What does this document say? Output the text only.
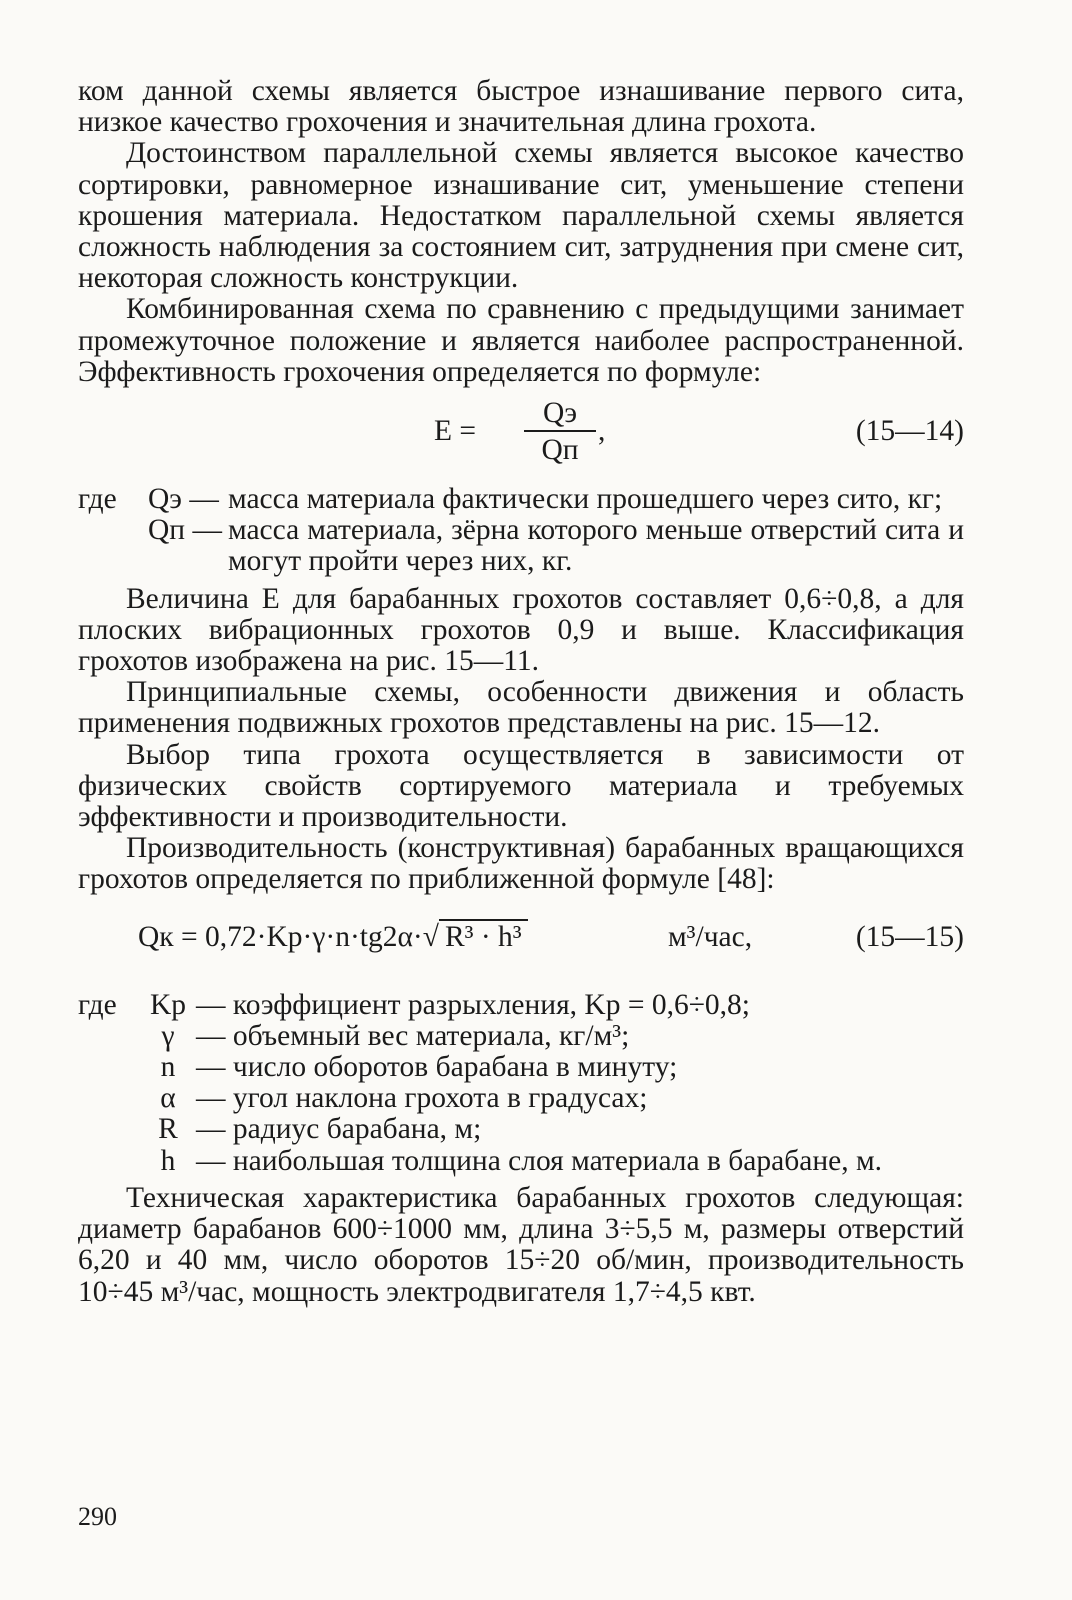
ком данной схемы является быстрое изнашивание первого сита, низкое качество грохочения и значительная длина грохота.

Достоинством параллельной схемы является высокое качество сортировки, равномерное изнашивание сит, уменьшение степени крошения материала. Недостатком параллельной схемы является сложность наблюдения за состоянием сит, затруднения при смене сит, некоторая сложность конструкции.

Комбинированная схема по сравнению с предыдущими занимает промежуточное положение и является наиболее распространенной. Эффективность грохочения определяется по формуле:

E =
Qэ
Qп
,	(15—14)
где Qэ — масса материала фактически прошедшего через сито, кг;
Qп — масса материала, зёрна которого меньше отверстий сита и могут пройти через них, кг.

Величина E для барабанных грохотов составляет 0,6÷0,8, а для плоских вибрационных грохотов 0,9 и выше. Классификация грохотов изображена на рис. 15—11.

Принципиальные схемы, особенности движения и область применения подвижных грохотов представлены на рис. 15—12.

Выбор типа грохота осуществляется в зависимости от физических свойств сортируемого материала и требуемых эффективности и производительности.

Производительность (конструктивная) барабанных вращающихся грохотов определяется по приближенной формуле [48]:

Qк = 0,72·Kр·γ·n·tg2α·√ R³ · h³	м³/час,	(15—15)
где	Kр — коэффициент разрыхления, Kр = 0,6÷0,8;
γ — объемный вес материала, кг/м³;
n — число оборотов барабана в минуту;
α — угол наклона грохота в градусах;
R — радиус барабана, м;
h — наибольшая толщина слоя материала в барабане, м.

Техническая характеристика барабанных грохотов следующая: диаметр барабанов 600÷1000 мм, длина 3÷5,5 м, размеры отверстий 6,20 и 40 мм, число оборотов 15÷20 об/мин, производительность 10÷45 м³/час, мощность электродвигателя 1,7÷4,5 квт.

290
